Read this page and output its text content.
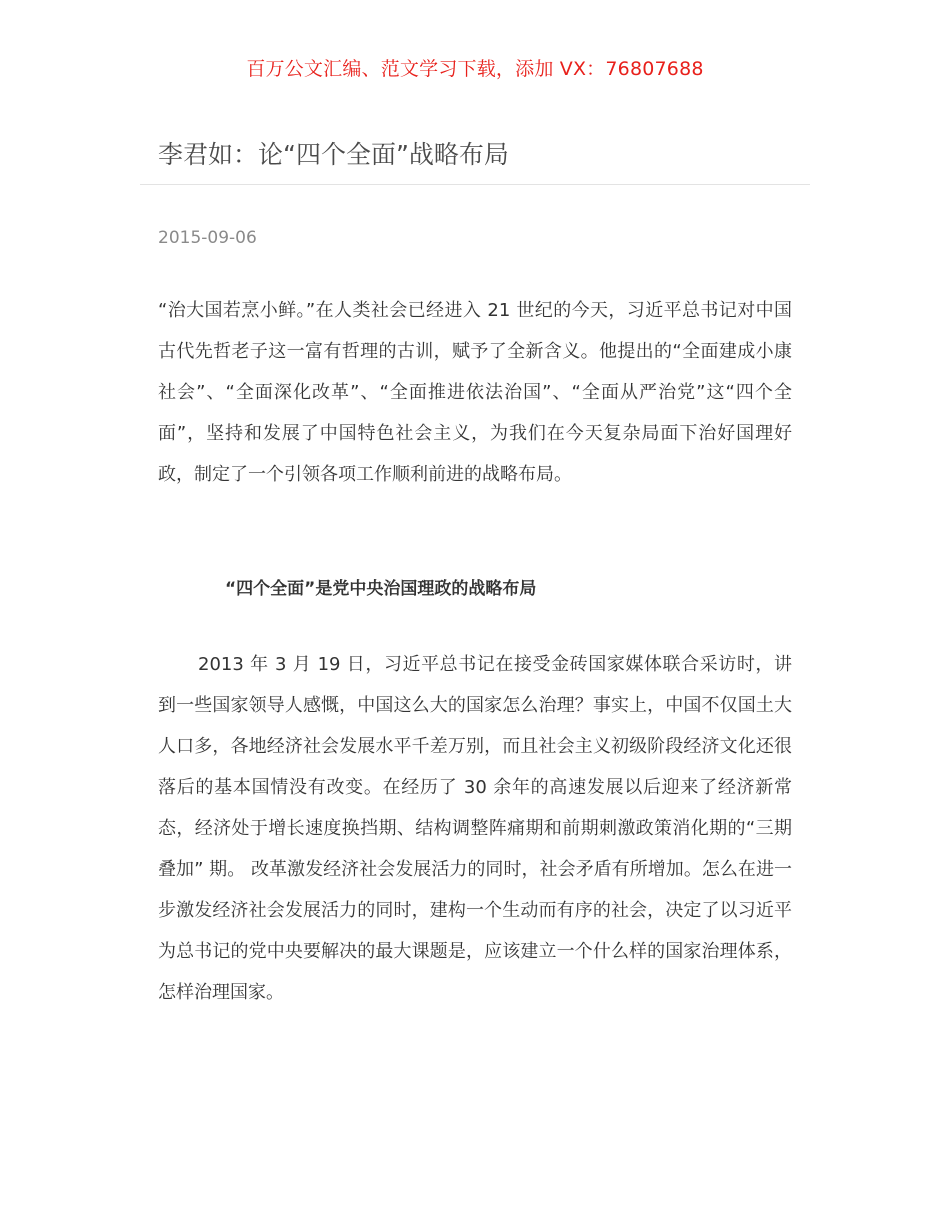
百万公文汇编、范文学习下载，添加 VX：76807688
李君如：论“四个全面”战略布局
2015-09-06

“治大国若烹小鲜。”在人类社会已经进入 21 世纪的今天，习近平总书记对中国古代先哲老子这一富有哲理的古训，赋予了全新含义。他提出的“全面建成小康社会”、“全面深化改革”、“全面推进依法治国”、“全面从严治党”这“四个全面”，坚持和发展了中国特色社会主义，为我们在今天复杂局面下治好国理好政，制定了一个引领各项工作顺利前进的战略布局。

“四个全面”是党中央治国理政的战略布局

2013 年 3 月 19 日，习近平总书记在接受金砖国家媒体联合采访时，讲到一些国家领导人感慨，中国这么大的国家怎么治理？事实上，中国不仅国土大人口多，各地经济社会发展水平千差万别，而且社会主义初级阶段经济文化还很落后的基本国情没有改变。在经历了 30 余年的高速发展以后迎来了经济新常态，经济处于增长速度换挡期、结构调整阵痛期和前期刺激政策消化期的“三期叠加” 期。 改革激发经济社会发展活力的同时，社会矛盾有所增加。怎么在进一步激发经济社会发展活力的同时，建构一个生动而有序的社会，决定了以习近平为总书记的党中央要解决的最大课题是，应该建立一个什么样的国家治理体系，怎样治理国家。
